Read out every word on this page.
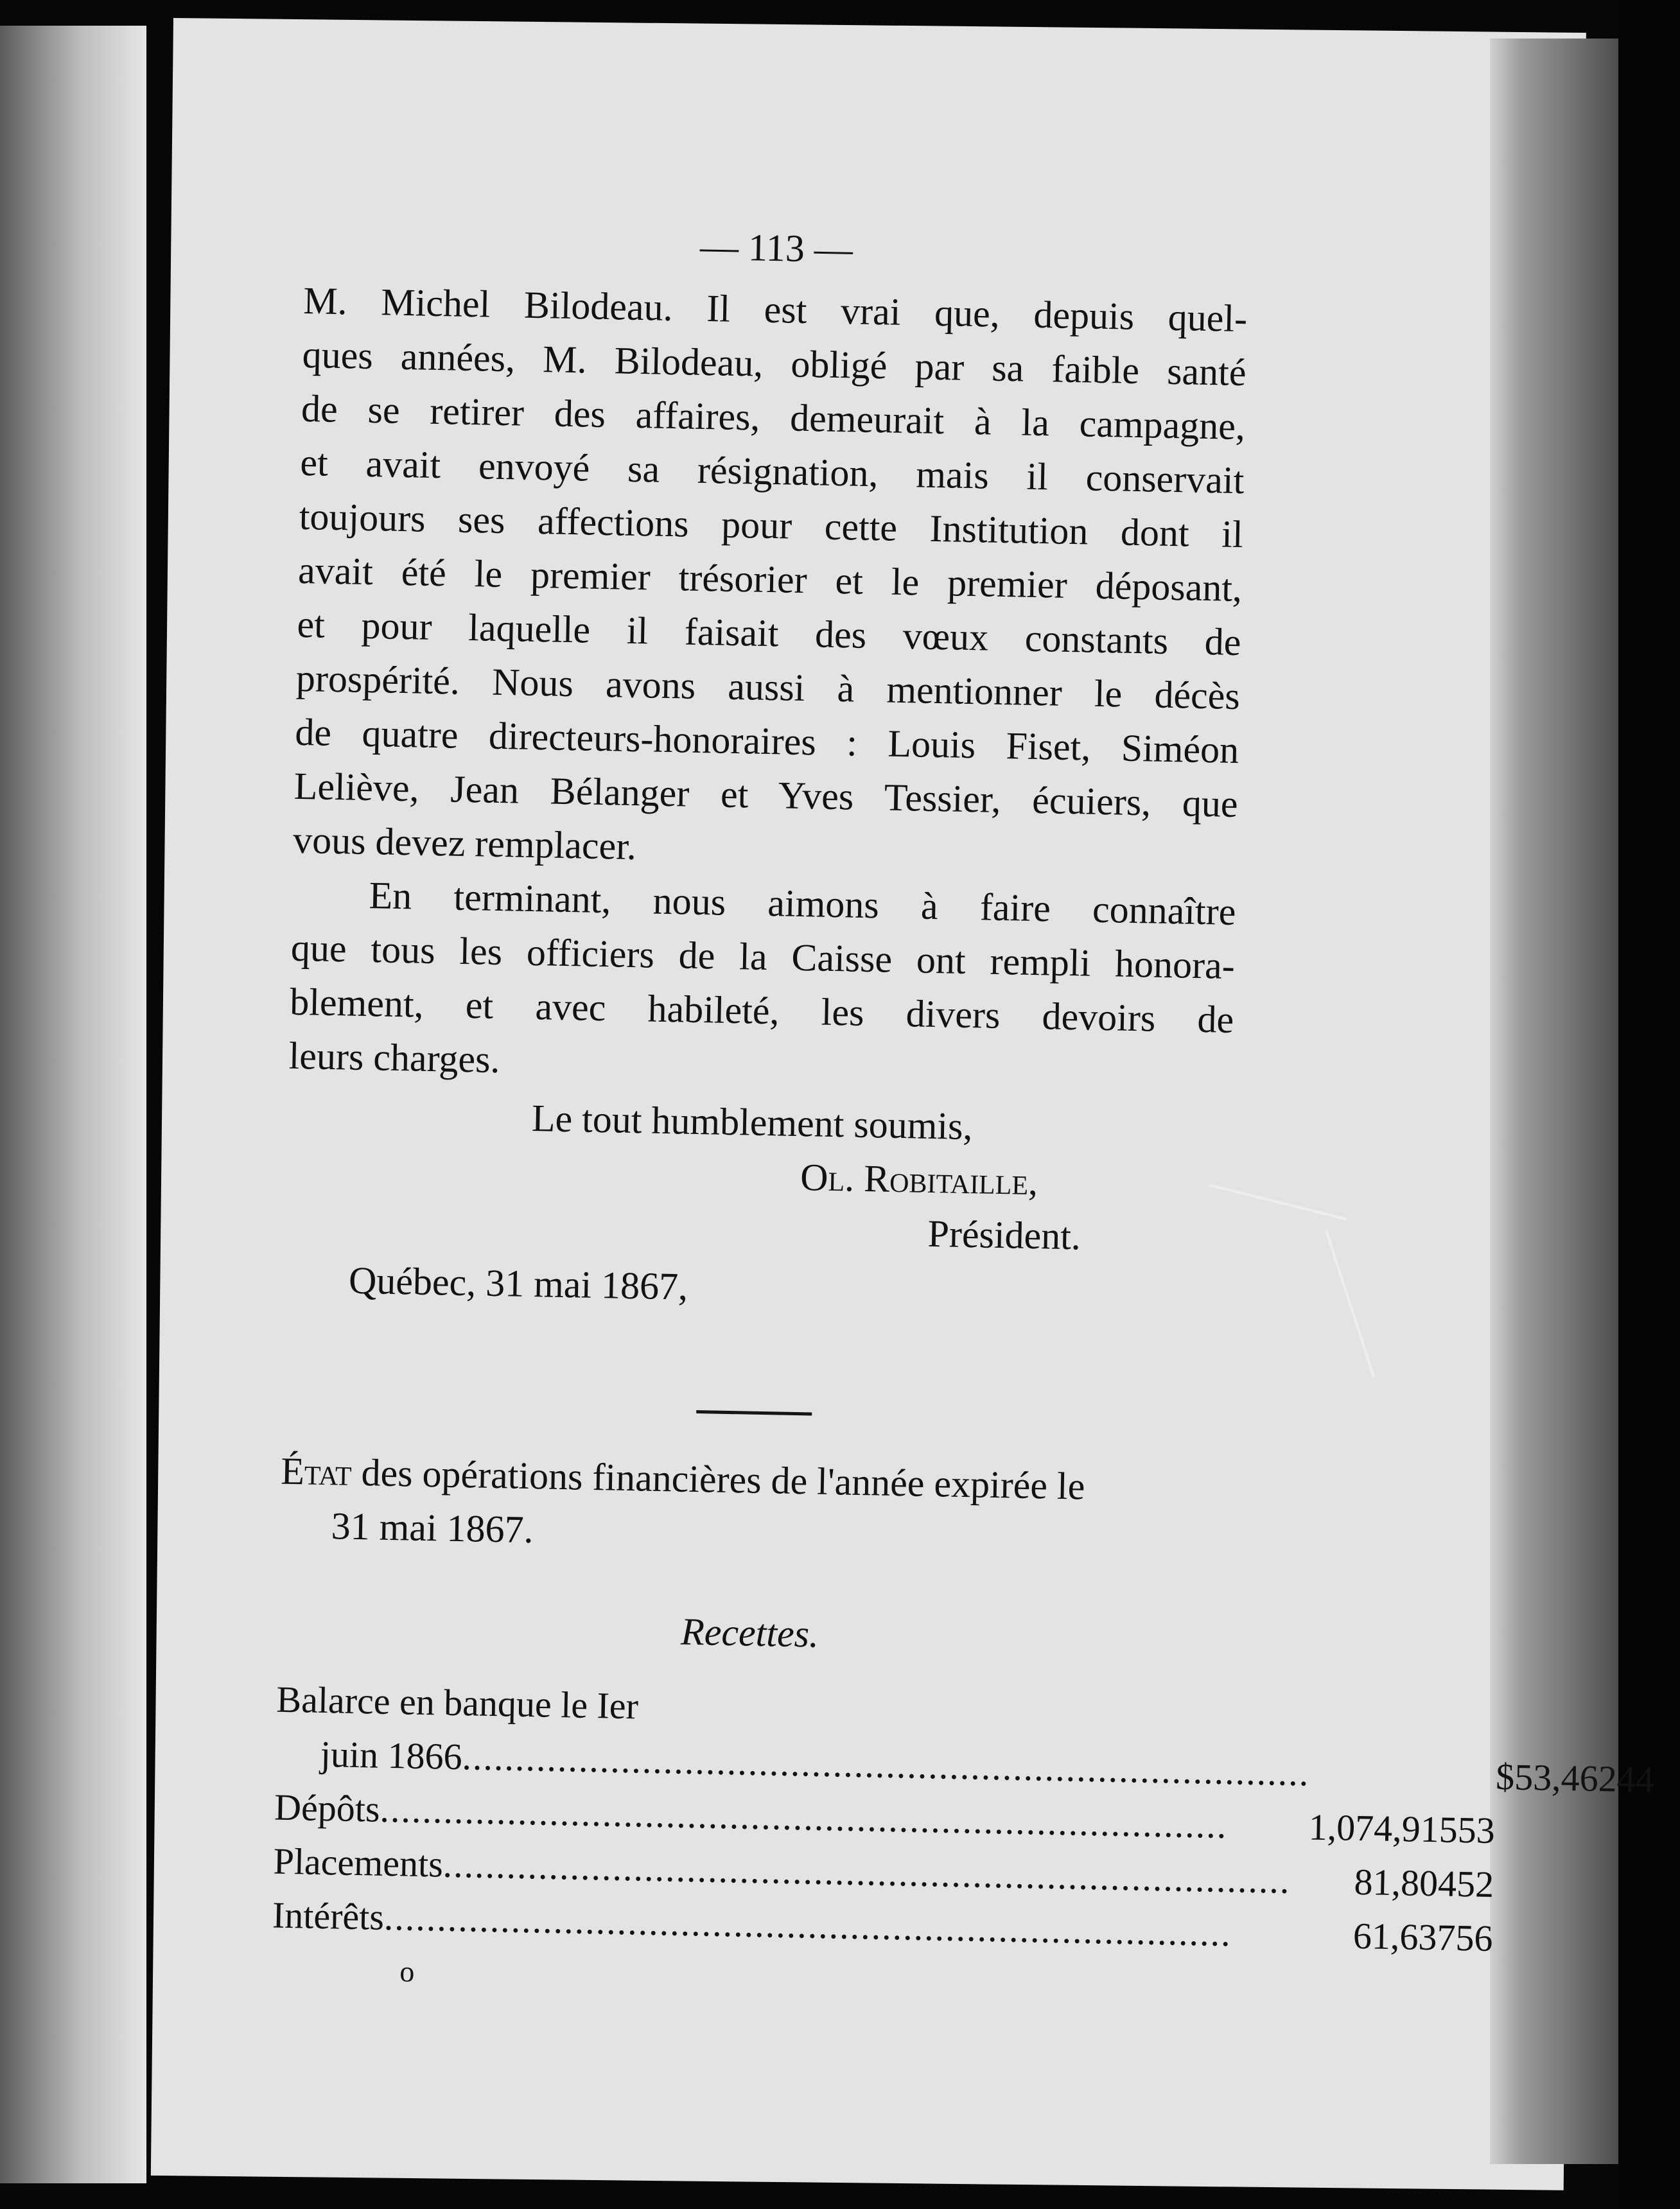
— 113 —

M. Michel Bilodeau. Il est vrai que, depuis quel-

ques années, M. Bilodeau, obligé par sa faible santé

de se retirer des affaires, demeurait à la campagne,

et avait envoyé sa résignation, mais il conservait

toujours ses affections pour cette Institution dont il

avait été le premier trésorier et le premier déposant,

et pour laquelle il faisait des vœux constants de

prospérité. Nous avons aussi à mentionner le décès

de quatre directeurs-honoraires : Louis Fiset, Siméon

Leliève, Jean Bélanger et Yves Tessier, écuiers, que

vous devez remplacer.

En terminant, nous aimons à faire connaître

que tous les officiers de la Caisse ont rempli honora-

blement, et avec habileté, les divers devoirs de

leurs charges.

Le tout humblement soumis,
Ol. Robitaille,
Président.
Québec, 31 mai 1867,

État des opérations financières de l'année expirée le

31 mai 1867.

Recettes.
Balarce en banque le Ier				

juin 1866
.....			$53,462	44

Dépôts
.....	1,074,915	53		

Placements
.....	81,804	52		

Intérêts
.....	61,637	56		
o
